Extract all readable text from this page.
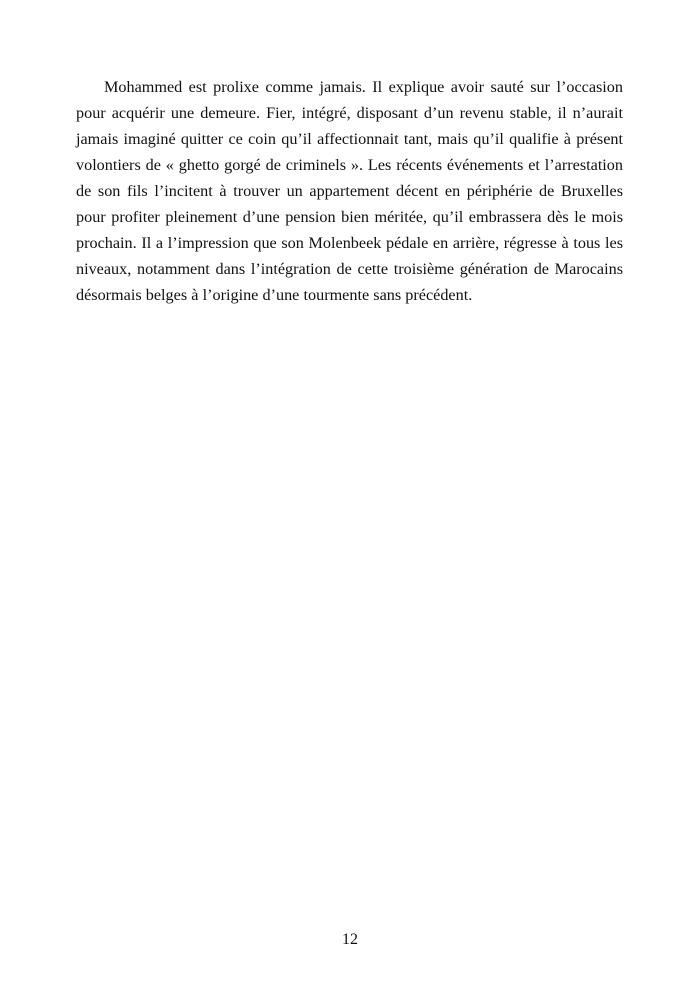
Mohammed est prolixe comme jamais. Il explique avoir sauté sur l’occasion pour acquérir une demeure. Fier, intégré, disposant d’un revenu stable, il n’aurait jamais imaginé quitter ce coin qu’il affectionnait tant, mais qu’il qualifie à présent volontiers de « ghetto gorgé de criminels ». Les récents événements et l’arrestation de son fils l’incitent à trouver un appartement décent en périphérie de Bruxelles pour profiter pleinement d’une pension bien méritée, qu’il embrassera dès le mois prochain. Il a l’impression que son Molenbeek pédale en arrière, régresse à tous les niveaux, notamment dans l’intégration de cette troisième génération de Marocains désormais belges à l’origine d’une tourmente sans précédent.

12
